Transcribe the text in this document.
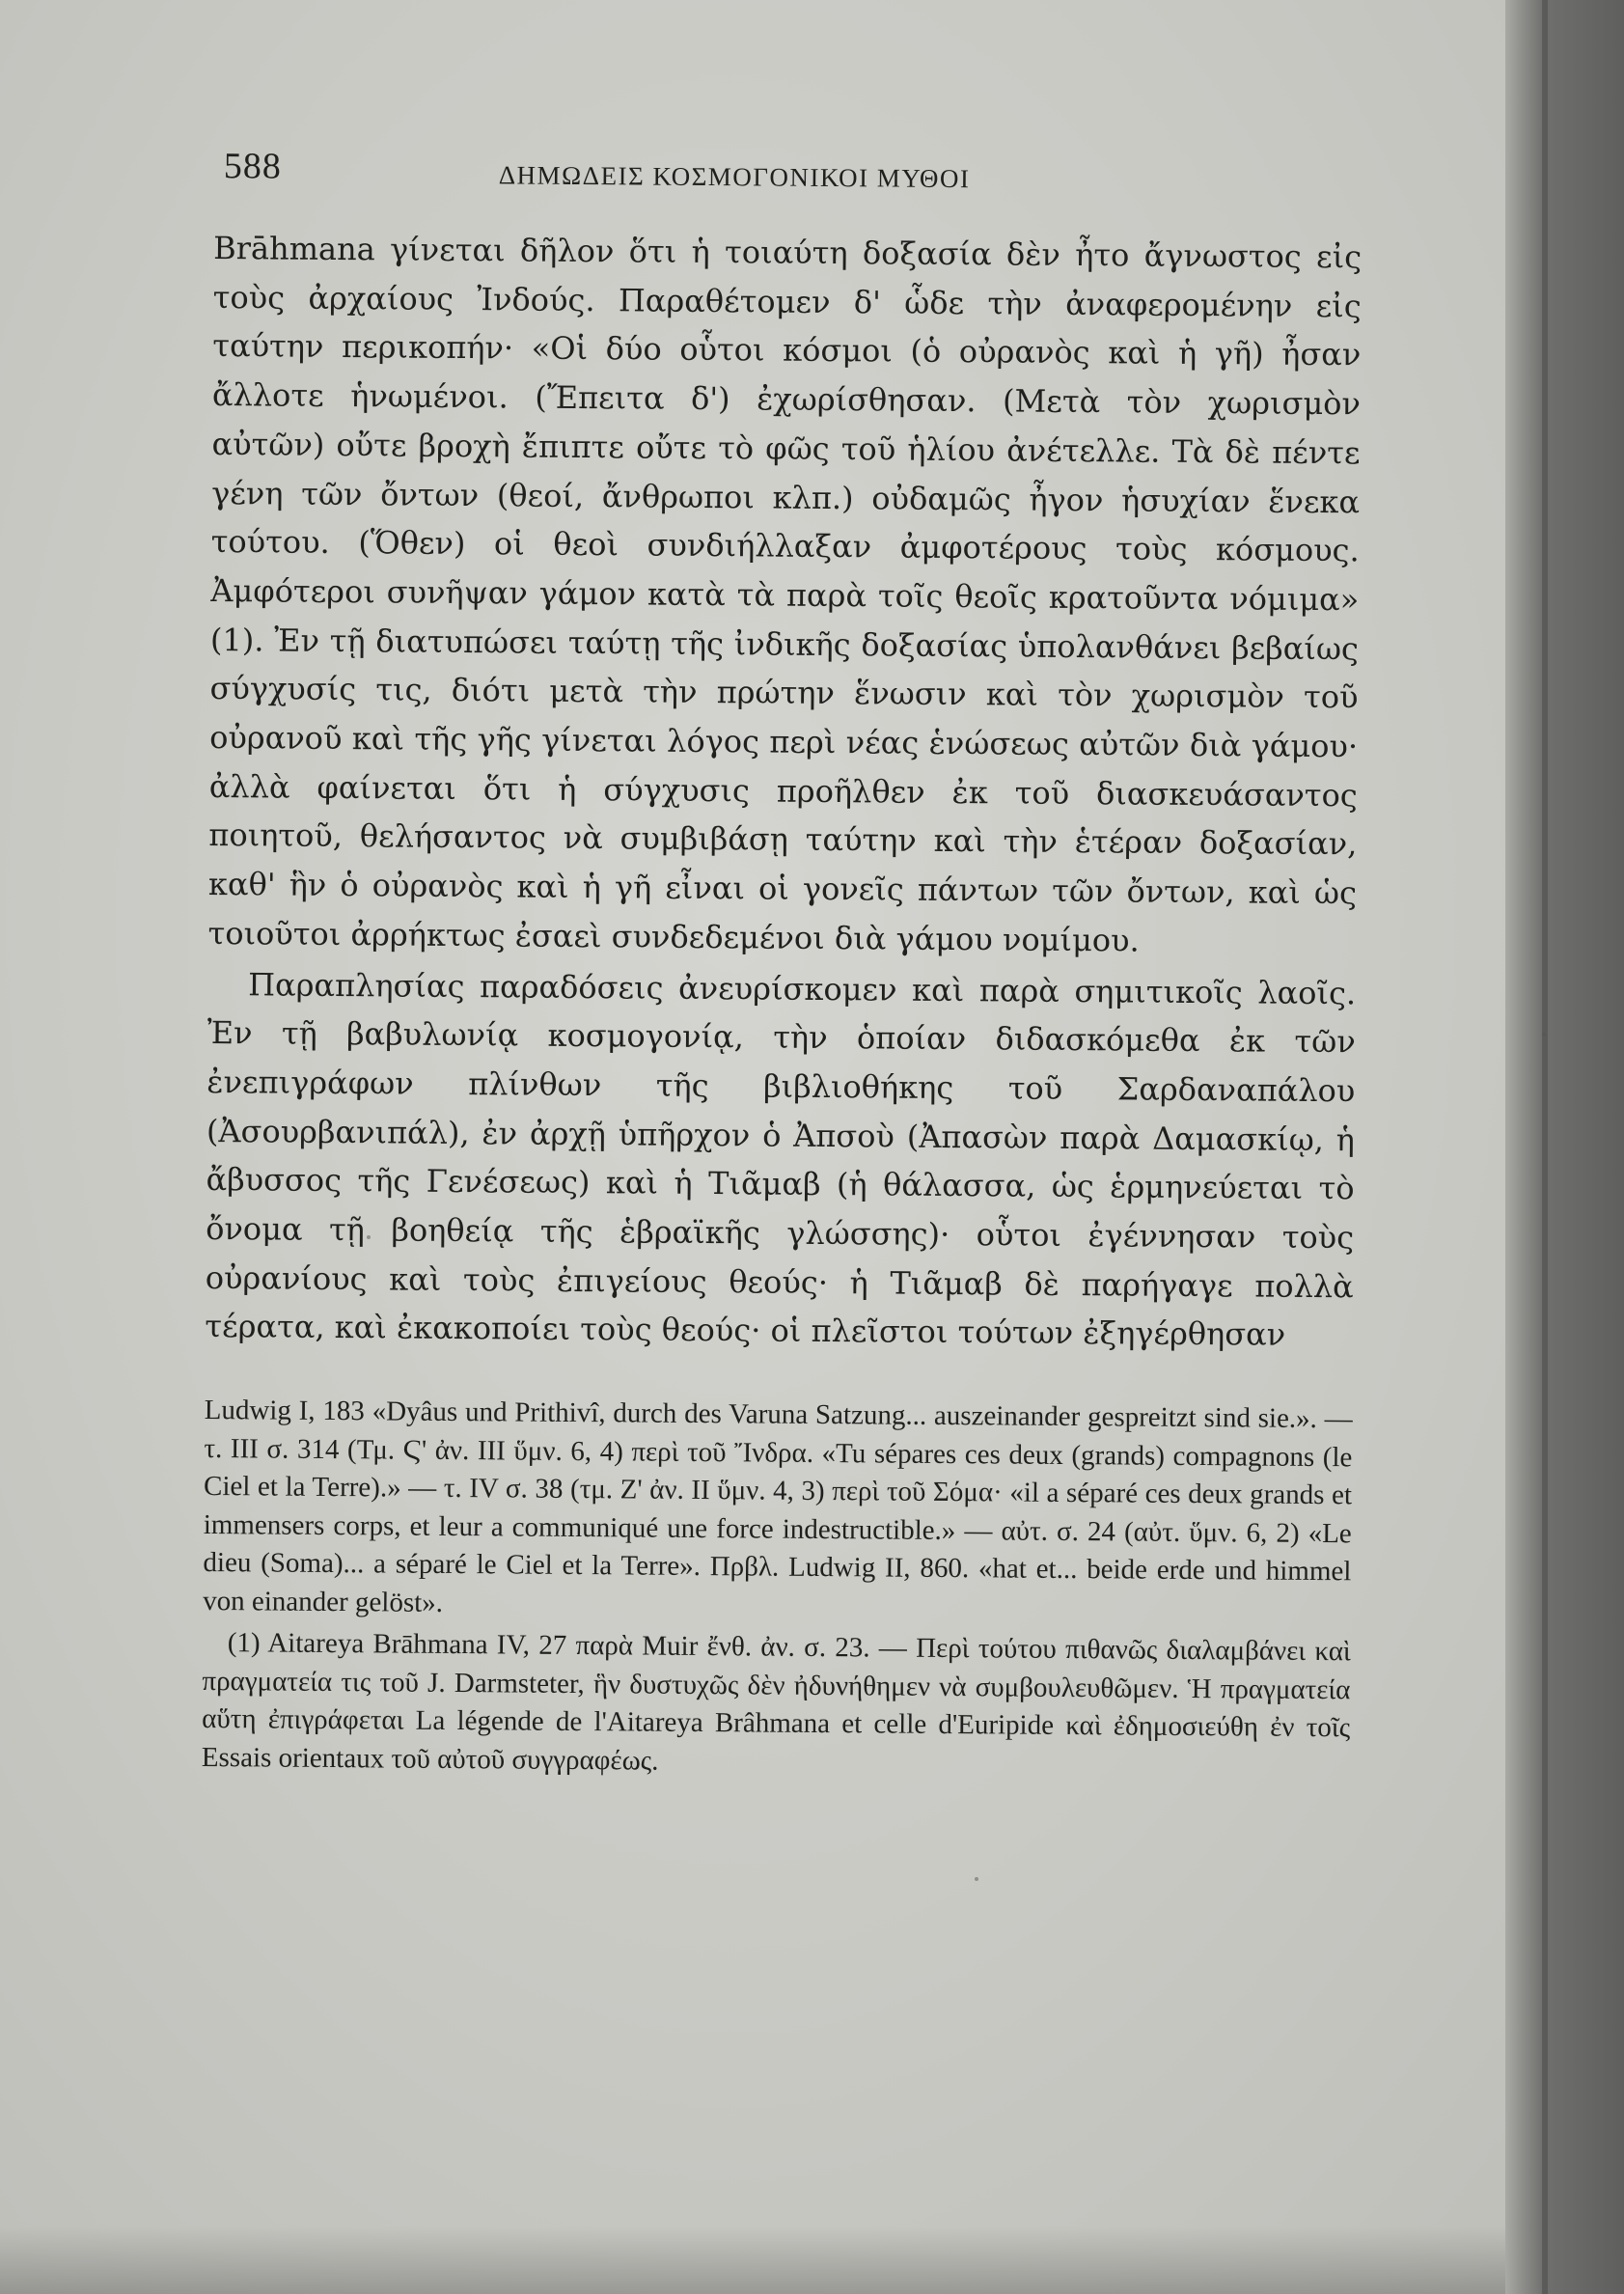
588	ΔΗΜΩΔΕΙΣ ΚΟΣΜΟΓΟΝΙΚΟΙ ΜΥΘΟΙ

Brāhmana γίνεται δῆλον ὅτι ἡ τοιαύτη δοξασία δὲν ἦτο ἄγνωστος εἰς τοὺς ἀρχαίους Ἰνδούς. Παραθέτομεν δ' ὧδε τὴν ἀναφερομένην εἰς ταύτην περικοπήν· «Οἱ δύο οὗτοι κόσμοι (ὁ οὐρανὸς καὶ ἡ γῆ) ἦσαν ἄλλοτε ἡνωμένοι. (Ἔπειτα δ') ἐχωρίσθησαν. (Μετὰ τὸν χωρισμὸν αὐτῶν) οὔτε βροχὴ ἔπιπτε οὔτε τὸ φῶς τοῦ ἡλίου ἀνέτελλε. Τὰ δὲ πέντε γένη τῶν ὄντων (θεοί, ἄνθρωποι κλπ.) οὐδαμῶς ἦγον ἡσυχίαν ἕνεκα τούτου. (Ὅθεν) οἱ θεοὶ συνδιήλλαξαν ἀμφοτέρους τοὺς κόσμους. Ἀμφότεροι συνῆψαν γάμον κατὰ τὰ παρὰ τοῖς θεοῖς κρατοῦντα νόμιμα» (1). Ἐν τῇ διατυπώσει ταύτῃ τῆς ἰνδικῆς δοξασίας ὑπολανθάνει βεβαίως σύγχυσίς τις, διότι μετὰ τὴν πρώτην ἕνωσιν καὶ τὸν χωρισμὸν τοῦ οὐρανοῦ καὶ τῆς γῆς γίνεται λόγος περὶ νέας ἑνώσεως αὐτῶν διὰ γάμου· ἀλλὰ φαίνεται ὅτι ἡ σύγχυσις προῆλθεν ἐκ τοῦ διασκευάσαντος ποιητοῦ, θελήσαντος νὰ συμβιβάσῃ ταύτην καὶ τὴν ἑτέραν δοξασίαν, καθ' ἣν ὁ οὐρανὸς καὶ ἡ γῆ εἶναι οἱ γονεῖς πάντων τῶν ὄντων, καὶ ὡς τοιοῦτοι ἀρρήκτως ἐσαεὶ συνδεδεμένοι διὰ γάμου νομίμου.

Παραπλησίας παραδόσεις ἀνευρίσκομεν καὶ παρὰ σημιτικοῖς λαοῖς. Ἐν τῇ βαβυλωνίᾳ κοσμογονίᾳ, τὴν ὁποίαν διδασκόμεθα ἐκ τῶν ἐνεπιγράφων πλίνθων τῆς βιβλιοθήκης τοῦ Σαρδαναπάλου (Ἀσουρβανιπάλ), ἐν ἀρχῇ ὑπῆρχον ὁ Ἀπσοὺ (Ἀπασὼν παρὰ Δαμασκίῳ, ἡ ἄβυσσος τῆς Γενέσεως) καὶ ἡ Τιᾶμαβ (ἡ θάλασσα, ὡς ἑρμηνεύεται τὸ ὄνομα τῇ βοηθείᾳ τῆς ἑβραϊκῆς γλώσσης)· οὗτοι ἐγέννησαν τοὺς οὐρανίους καὶ τοὺς ἐπιγείους θεούς· ἡ Τιᾶμαβ δὲ παρήγαγε πολλὰ τέρατα, καὶ ἐκακοποίει τοὺς θεούς· οἱ πλεῖστοι τούτων ἐξηγέρθησαν

Ludwig I, 183 «Dyâus und Prithivî, durch des Varuna Satzung... auszeinander gespreitzt sind sie.». — τ. III σ. 314 (Τμ. Ϛ' ἀν. III ὕμν. 6, 4) περὶ τοῦ Ἴνδρα. «Tu sépares ces deux (grands) compagnons (le Ciel et la Terre).» — τ. IV σ. 38 (τμ. Ζ' ἀν. II ὕμν. 4, 3) περὶ τοῦ Σόμα· «il a séparé ces deux grands et immensers corps, et leur a communiqué une force indestructible.» — αὐτ. σ. 24 (αὐτ. ὕμν. 6, 2) «Le dieu (Soma)... a séparé le Ciel et la Terre». Πρβλ. Ludwig II, 860. «hat et... beide erde und himmel von einander gelöst».

(1) Aitareya Brāhmana IV, 27 παρὰ Muir ἔνθ. ἀν. σ. 23. — Περὶ τούτου πιθανῶς διαλαμβάνει καὶ πραγματεία τις τοῦ J. Darmsteter, ἣν δυστυχῶς δὲν ἠδυνήθημεν νὰ συμβουλευθῶμεν. Ἡ πραγματεία αὕτη ἐπιγράφεται La légende de l'Aitareya Brâhmana et celle d'Euripide καὶ ἐδημοσιεύθη ἐν τοῖς Essais orientaux τοῦ αὐτοῦ συγγραφέως.
